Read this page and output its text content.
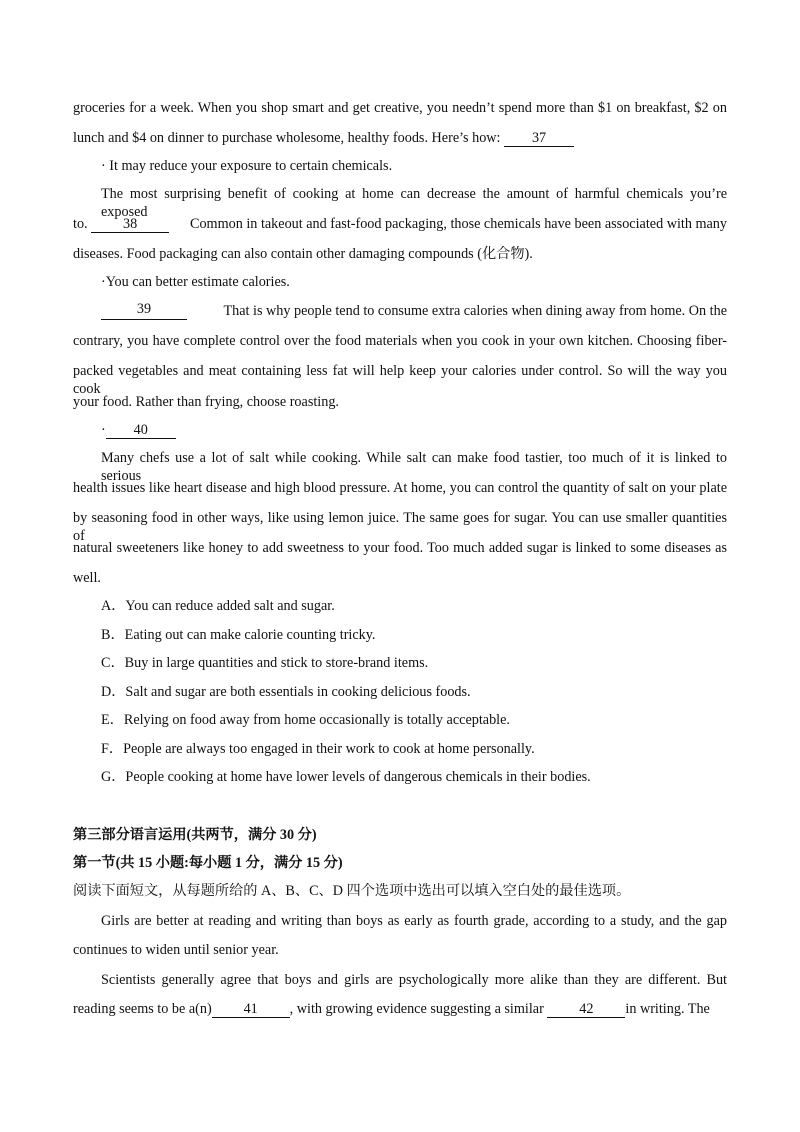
groceries for a week. When you shop smart and get creative, you needn’t spend more than $1 on breakfast, $2 on
lunch and $4 on dinner to purchase wholesome, healthy foods. Here’s how: 37
· It may reduce your exposure to certain chemicals.
The most surprising benefit of cooking at home can decrease the amount of harmful chemicals you’re exposed
to. 38	Common in takeout and fast-food packaging, those chemicals have been associated with many
diseases. Food packaging can also contain other damaging compounds (化合物).
·You can better estimate calories.
39	That is why people tend to consume extra calories when dining away from home. On the
contrary, you have complete control over the food materials when you cook in your own kitchen. Choosing fiber-
packed vegetables and meat containing less fat will help keep your calories under control. So will the way you cook
your food. Rather than frying, choose roasting.
· 40
Many chefs use a lot of salt while cooking. While salt can make food tastier, too much of it is linked to serious
health issues like heart disease and high blood pressure. At home, you can control the quantity of salt on your plate
by seasoning food in other ways, like using lemon juice. The same goes for sugar. You can use smaller quantities of
natural sweeteners like honey to add sweetness to your food. Too much added sugar is linked to some diseases as
well.
A．You can reduce added salt and sugar.
B．Eating out can make calorie counting tricky.
C．Buy in large quantities and stick to store-brand items.
D．Salt and sugar are both essentials in cooking delicious foods.
E．Relying on food away from home occasionally is totally acceptable.
F．People are always too engaged in their work to cook at home personally.
G．People cooking at home have lower levels of dangerous chemicals in their bodies.
第三部分语言运用(共两节，满分 30 分)
第一节(共 15 小题:每小题 1 分，满分 15 分)
阅读下面短文，从每题所给的 A、B、C、D 四个选项中选出可以填入空白处的最佳选项。
Girls are better at reading and writing than boys as early as fourth grade, according to a study, and the gap
continues to widen until senior year.
Scientists generally agree that boys and girls are psychologically more alike than they are different. But
reading seems to be a(n) 41 , with growing evidence suggesting a similar 42 in writing. The
